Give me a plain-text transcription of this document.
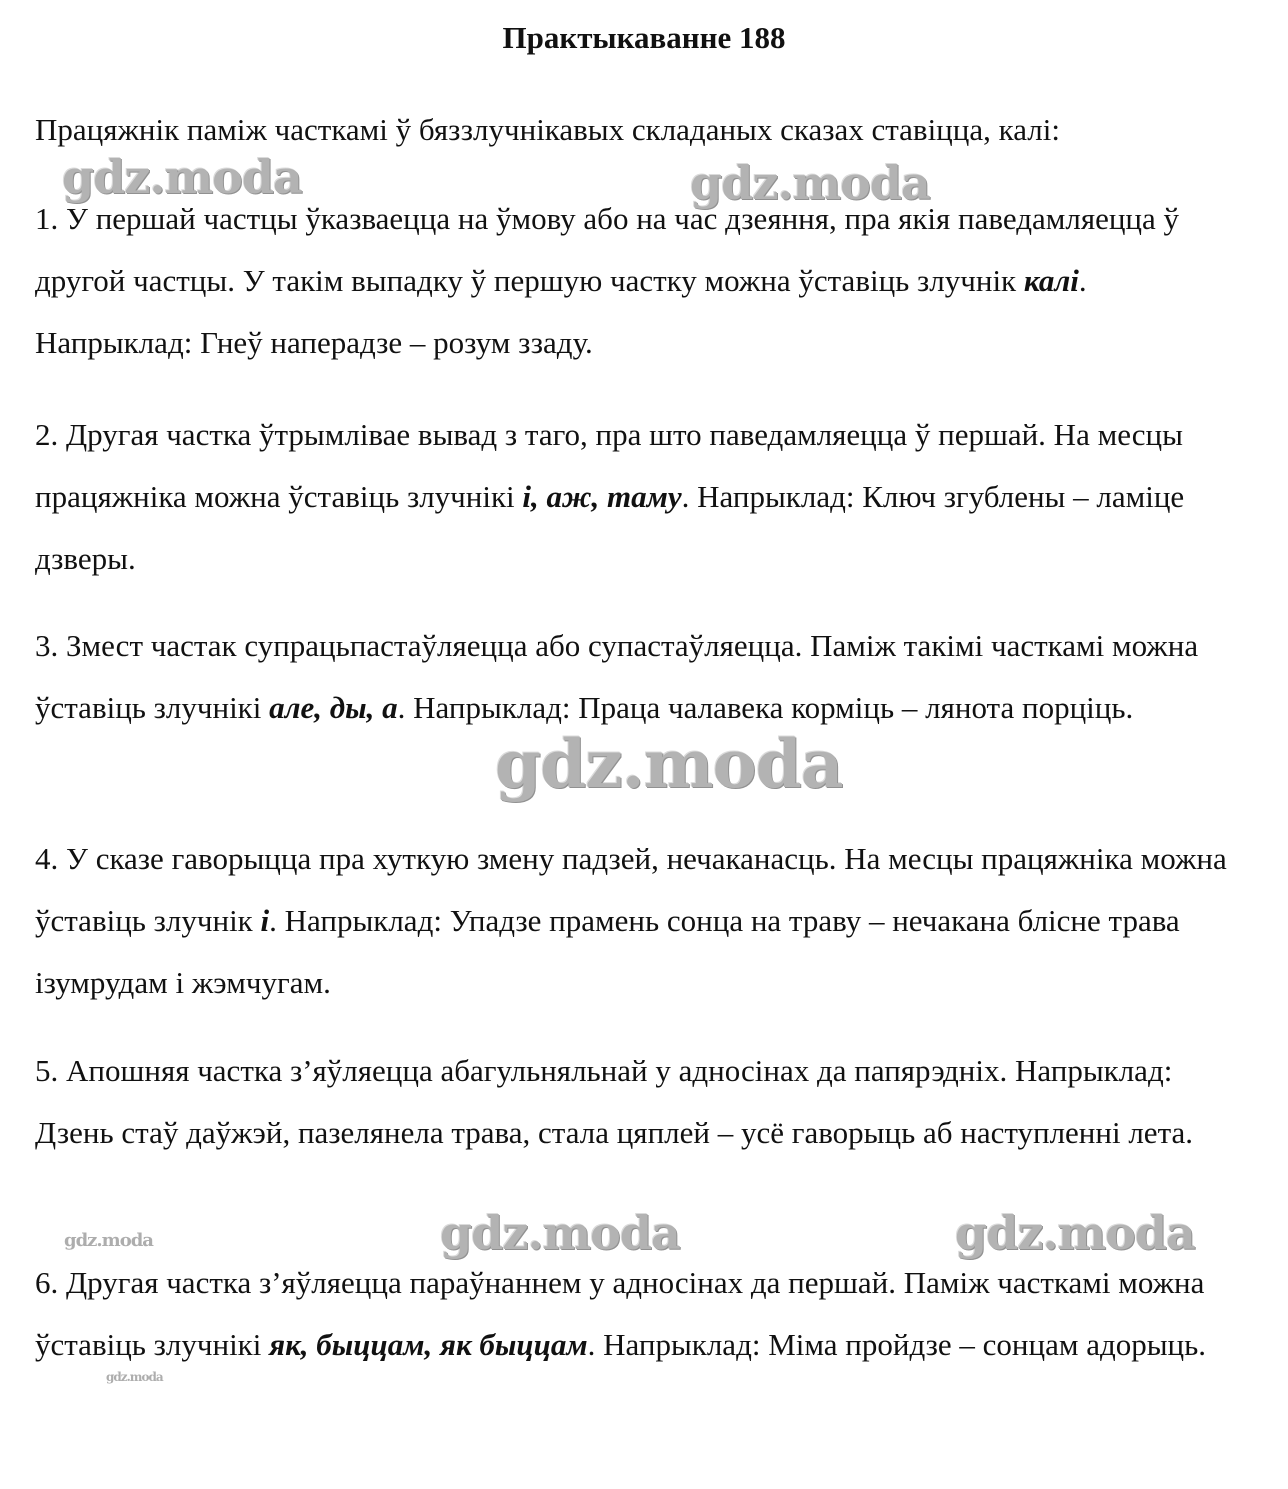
Практыкаванне 188
Працяжнік паміж часткамі ў бяззлучнікавых складаных сказах ставіцца, калі:
1. У першай частцы ўказваецца на ўмову або на час дзеяння, пра якія паведамляецца ў другой частцы. У такім выпадку ў першую частку можна ўставіць злучнік калі. Напрыклад: Гнеў наперадзе – розум ззаду.
2. Другая частка ўтрымлівае вывад з таго, пра што паведамляецца ў першай. На месцы працяжніка можна ўставіць злучнікі і, аж, таму. Напрыклад: Ключ згублены – ламіце дзверы.
3. Змест частак супрацьпастаўляецца або супастаўляецца. Паміж такімі часткамі можна ўставіць злучнікі але, ды, а. Напрыклад: Праца чалавека корміць – лянота порціць.
4. У сказе гаворыцца пра хуткую змену падзей, нечаканасць. На месцы працяжніка можна ўставіць злучнік і. Напрыклад: Упадзе прамень сонца на траву – нечакана блісне трава ізумрудам і жэмчугам.
5. Апошняя частка з’яўляецца абагульняльнай у адносінах да папярэдніх. Напрыклад: Дзень стаў даўжэй, пазелянела трава, стала цяплей – усё гаворыць аб наступленні лета.
6. Другая частка з’яўляецца параўнаннем у адносінах да першай. Паміж часткамі можна ўставіць злучнікі як, быццам, як быццам. Напрыклад: Міма пройдзе – сонцам адорыць.
gdz.moda	gdz.moda
gdz.moda
gdz.moda	gdz.moda	gdz.moda
gdz.moda
